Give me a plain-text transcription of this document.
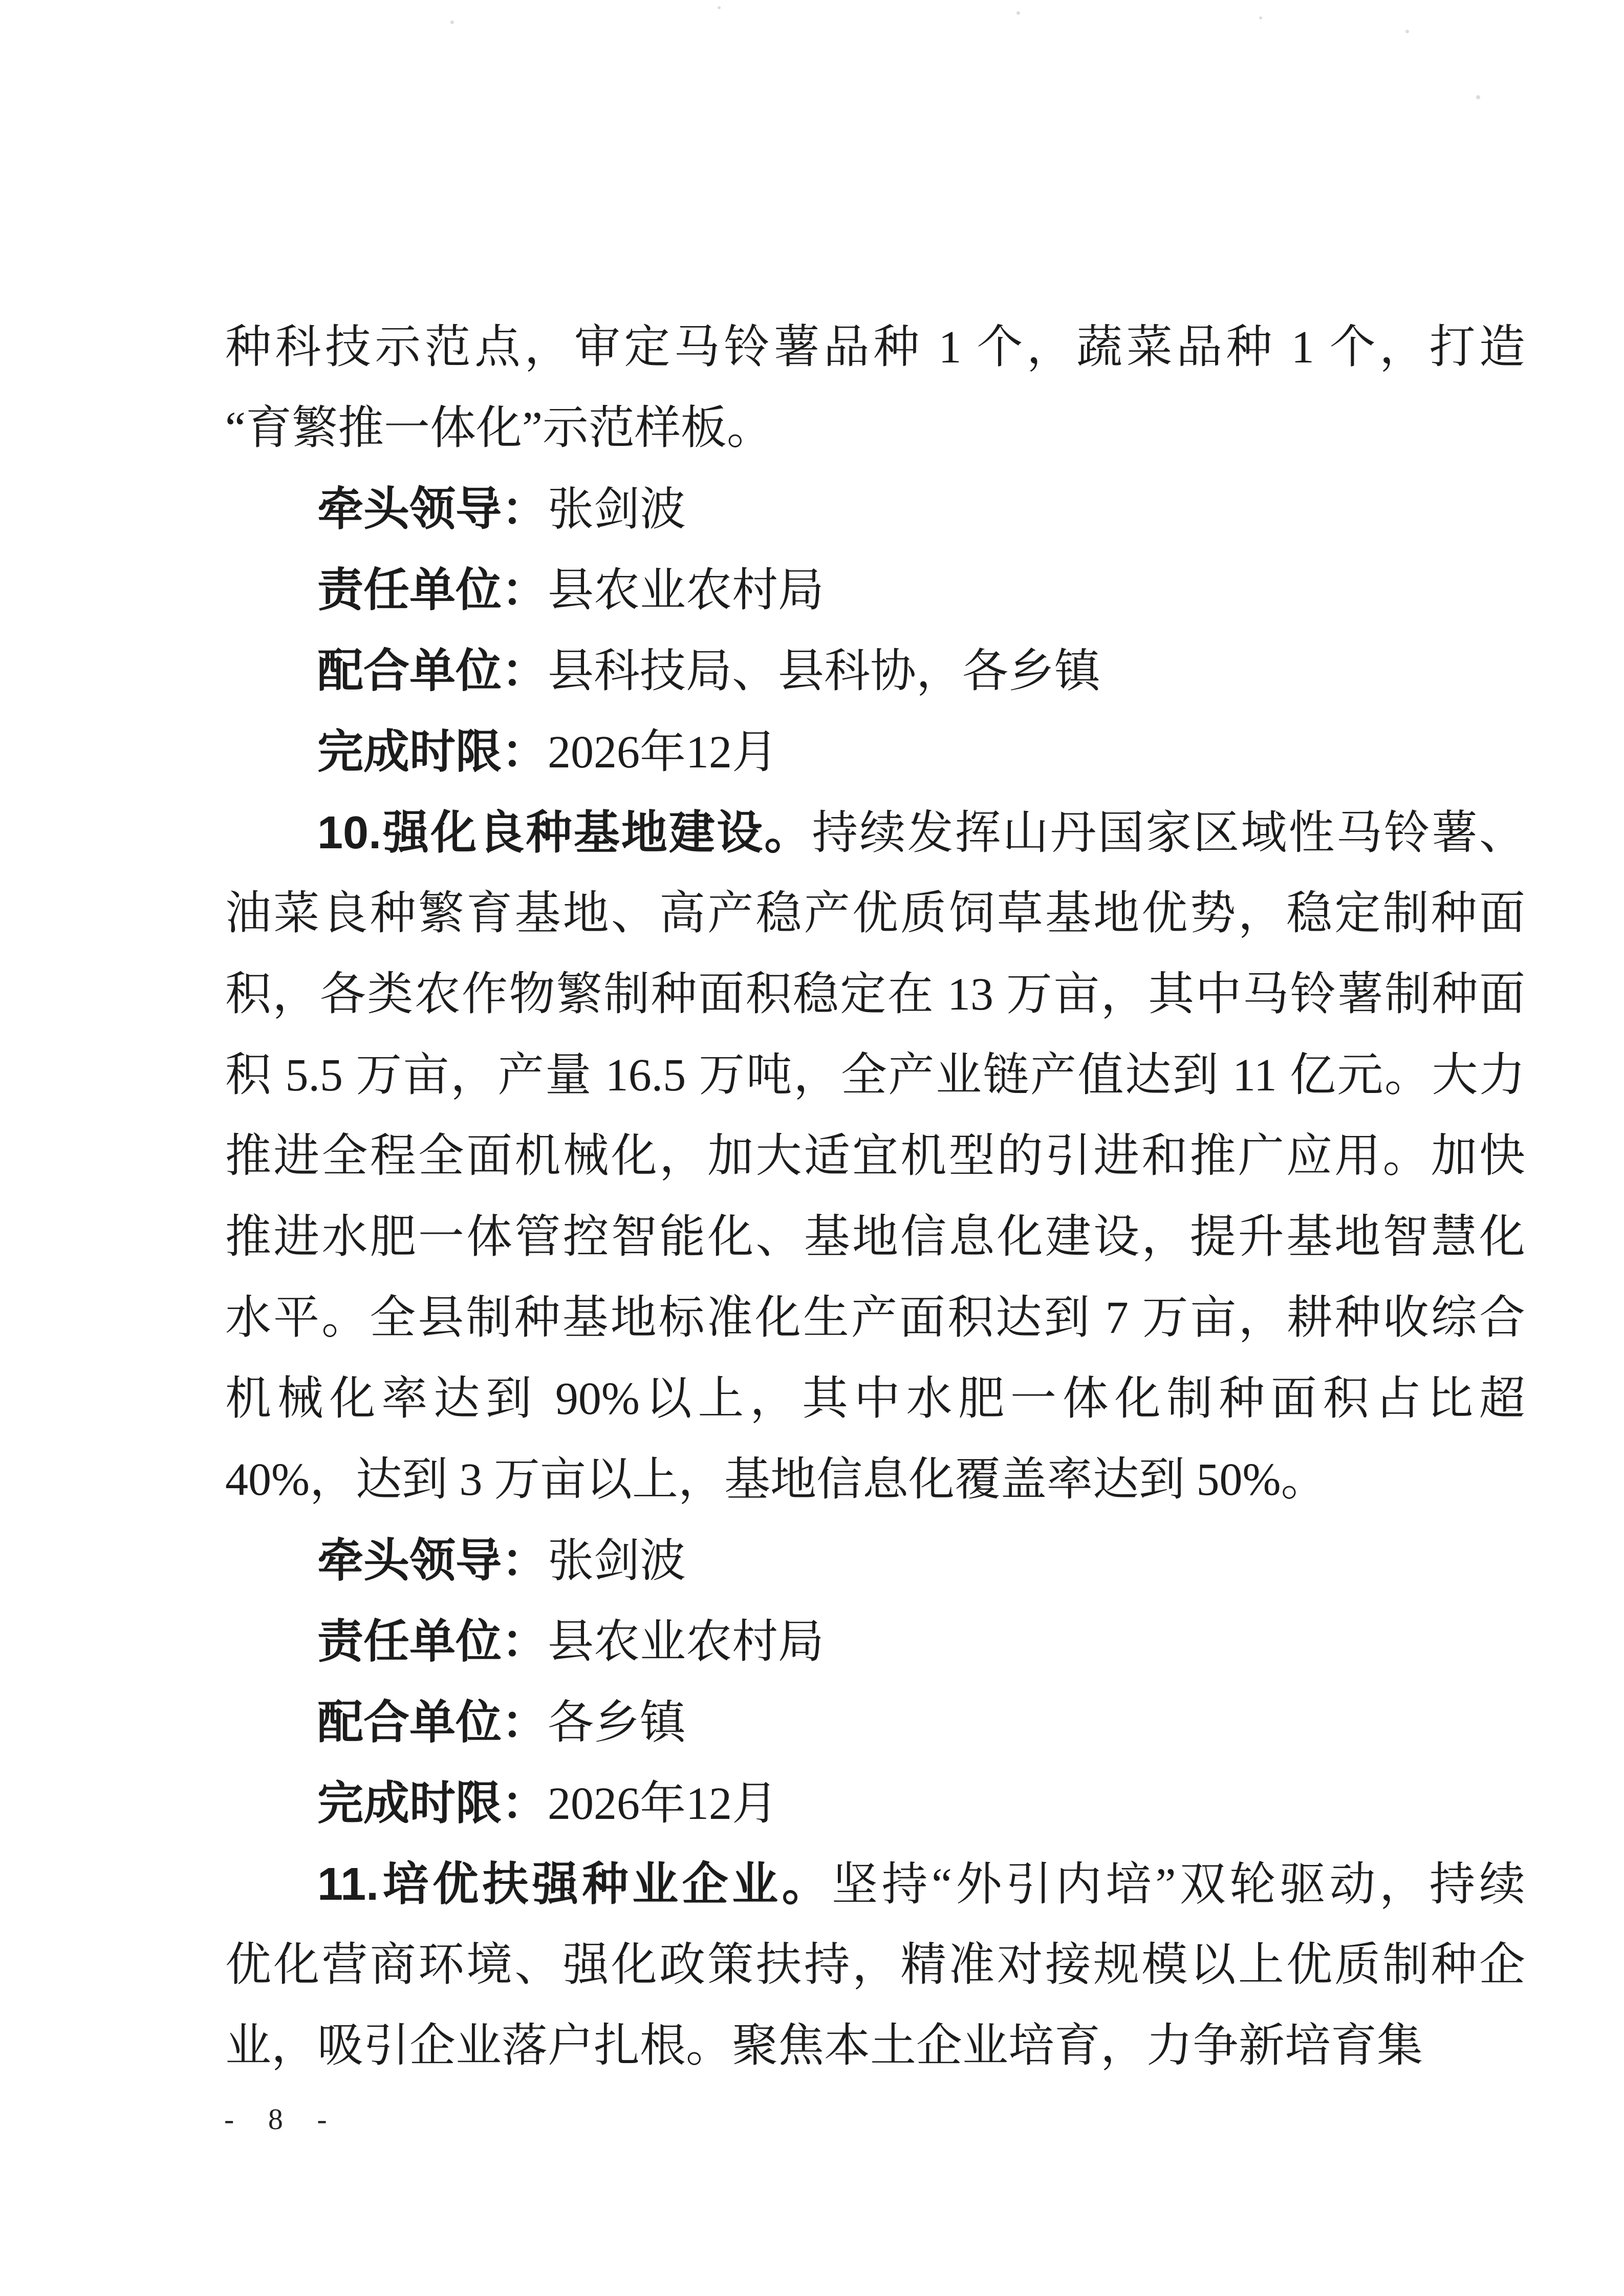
种科技示范点，审定马铃薯品种 1 个，蔬菜品种 1 个，打造
“育繁推一体化”示范样板。
牵头领导：张剑波
责任单位：县农业农村局
配合单位：县科技局、县科协，各乡镇
完成时限：2026年12月
10.强化良种基地建设。持续发挥山丹国家区域性马铃薯、
油菜良种繁育基地、高产稳产优质饲草基地优势，稳定制种面
积，各类农作物繁制种面积稳定在 13 万亩，其中马铃薯制种面
积 5.5 万亩，产量 16.5 万吨，全产业链产值达到 11 亿元。大力
推进全程全面机械化，加大适宜机型的引进和推广应用。加快
推进水肥一体管控智能化、基地信息化建设，提升基地智慧化
水平。全县制种基地标准化生产面积达到 7 万亩，耕种收综合
机械化率达到 90%以上，其中水肥一体化制种面积占比超
40%，达到 3 万亩以上，基地信息化覆盖率达到 50%。
牵头领导：张剑波
责任单位：县农业农村局
配合单位：各乡镇
完成时限：2026年12月
11.培优扶强种业企业。坚持“外引内培”双轮驱动，持续
优化营商环境、强化政策扶持，精准对接规模以上优质制种企
业，吸引企业落户扎根。聚焦本土企业培育，力争新培育集
- 8 -
